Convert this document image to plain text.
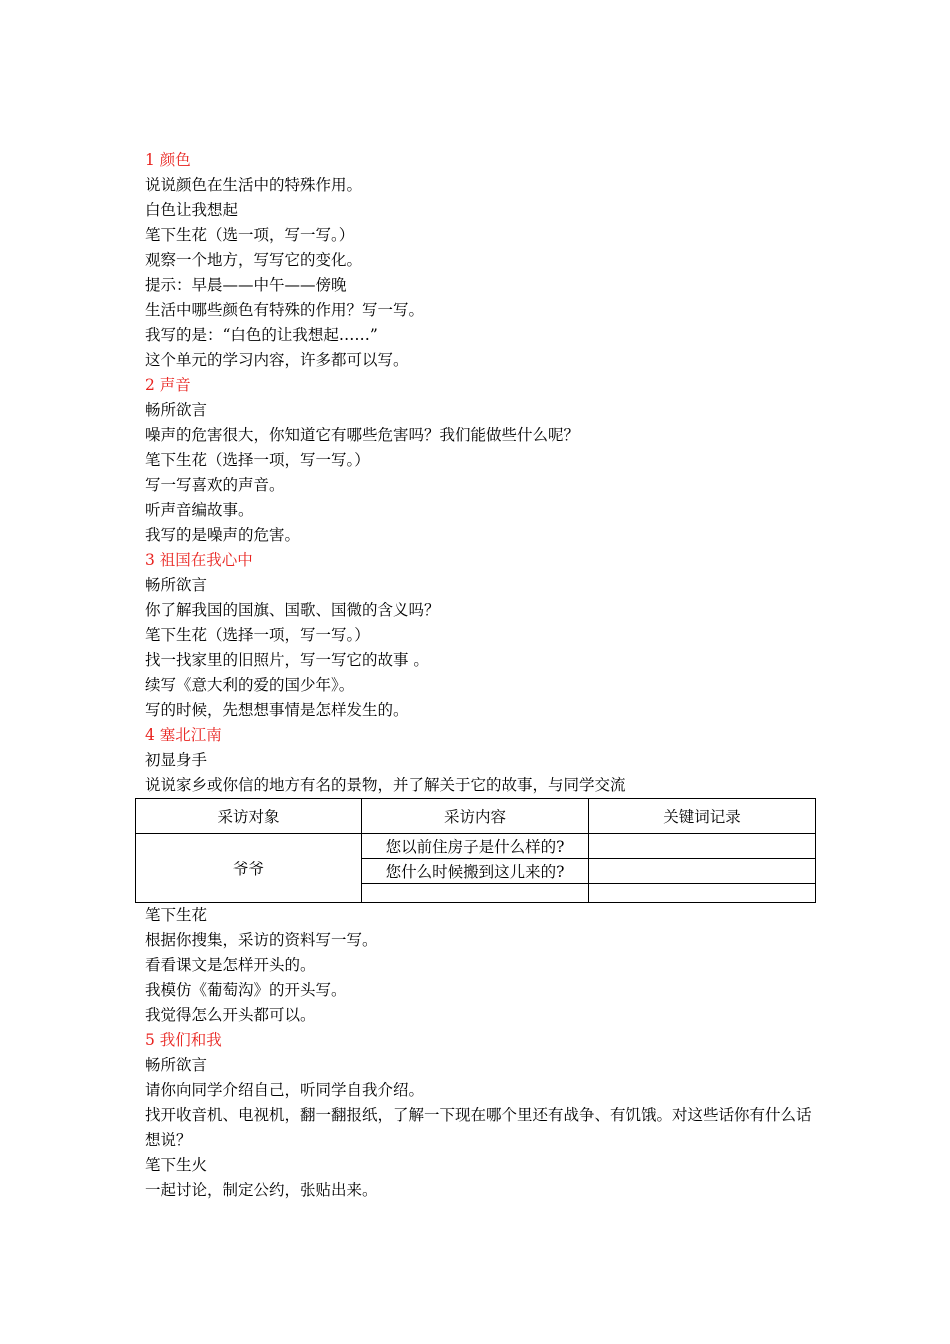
1 颜色
说说颜色在生活中的特殊作用。
白色让我想起
笔下生花（选一项，写一写。）
观察一个地方，写写它的变化。
提示：早晨——中午——傍晚
生活中哪些颜色有特殊的作用？写一写。
我写的是：“白色的让我想起……”
这个单元的学习内容，许多都可以写。
2 声音
畅所欲言
噪声的危害很大，你知道它有哪些危害吗？我们能做些什么呢？
笔下生花（选择一项，写一写。）
写一写喜欢的声音。
听声音编故事。
我写的是噪声的危害。
3 祖国在我心中
畅所欲言
你了解我国的国旗、国歌、国微的含义吗？
笔下生花（选择一项，写一写。）
找一找家里的旧照片，写一写它的故事 。
续写《意大利的爱的国少年》。
写的时候，先想想事情是怎样发生的。
4 塞北江南
初显身手
说说家乡或你信的地方有名的景物，并了解关于它的故事，与同学交流
采访对象	采访内容	关键词记录
爷爷	您以前住房子是什么样的?	
	您什么时候搬到这儿来的?	

笔下生花
根据你搜集，采访的资料写一写。
看看课文是怎样开头的。
我模仿《葡萄沟》的开头写。
我觉得怎么开头都可以。
5 我们和我
畅所欲言
请你向同学介绍自己，听同学自我介绍。
找开收音机、电视机，翻一翻报纸，了解一下现在哪个里还有战争、有饥饿。对这些话你有什么话想说？
笔下生火
一起讨论，制定公约，张贴出来。
